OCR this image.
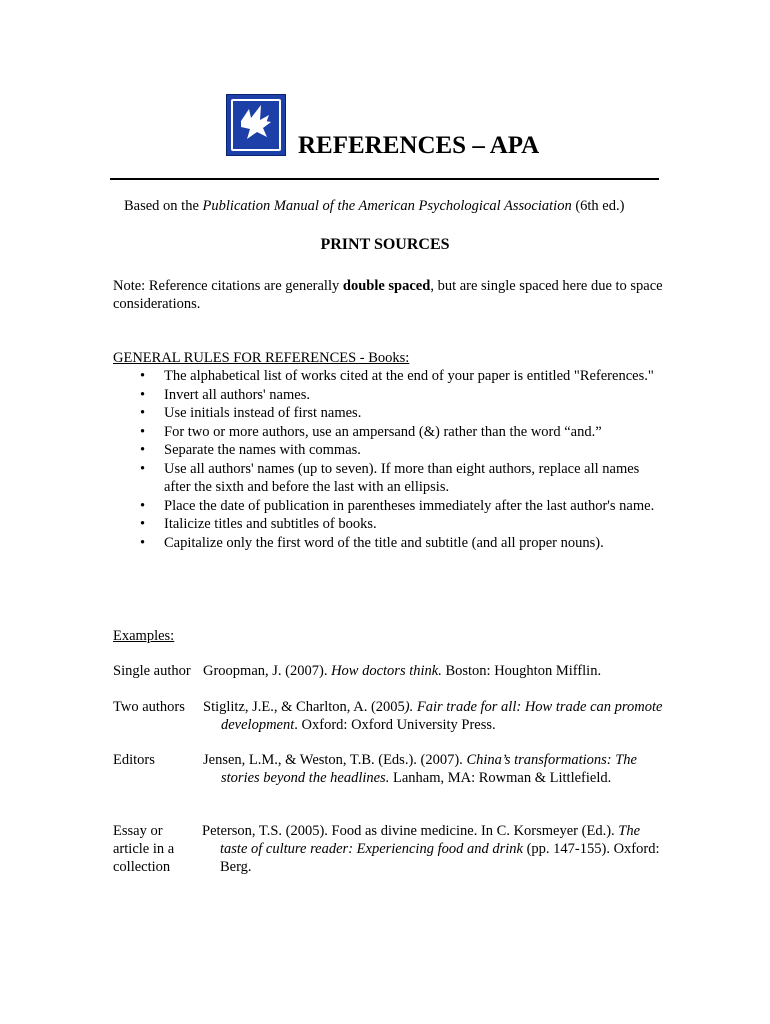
REFERENCES – APA
Based on the Publication Manual of the American Psychological Association (6th ed.)
PRINT SOURCES
Note: Reference citations are generally double spaced, but are single spaced here due to space considerations.
GENERAL RULES FOR REFERENCES - Books:
• The alphabetical list of works cited at the end of your paper is entitled "References."
• Invert all authors' names.
• Use initials instead of first names.
• For two or more authors, use an ampersand (&) rather than the word “and.”
• Separate the names with commas.
• Use all authors' names (up to seven). If more than eight authors, replace all names after the sixth and before the last with an ellipsis.
• Place the date of publication in parentheses immediately after the last author's name.
• Italicize titles and subtitles of books.
• Capitalize only the first word of the title and subtitle (and all proper nouns).
Examples:
Single author Groopman, J. (2007). How doctors think. Boston: Houghton Mifflin.
Two authors	Stiglitz, J.E., & Charlton, A. (2005). Fair trade for all: How trade can promote development. Oxford: Oxford University Press.
Editors	Jensen, L.M., & Weston, T.B. (Eds.). (2007). China’s transformations: The stories beyond the headlines. Lanham, MA: Rowman & Littlefield.
Essay or article in a collection
Peterson, T.S. (2005). Food as divine medicine. In C. Korsmeyer (Ed.). The taste of culture reader: Experiencing food and drink (pp. 147-155). Oxford: Berg.
